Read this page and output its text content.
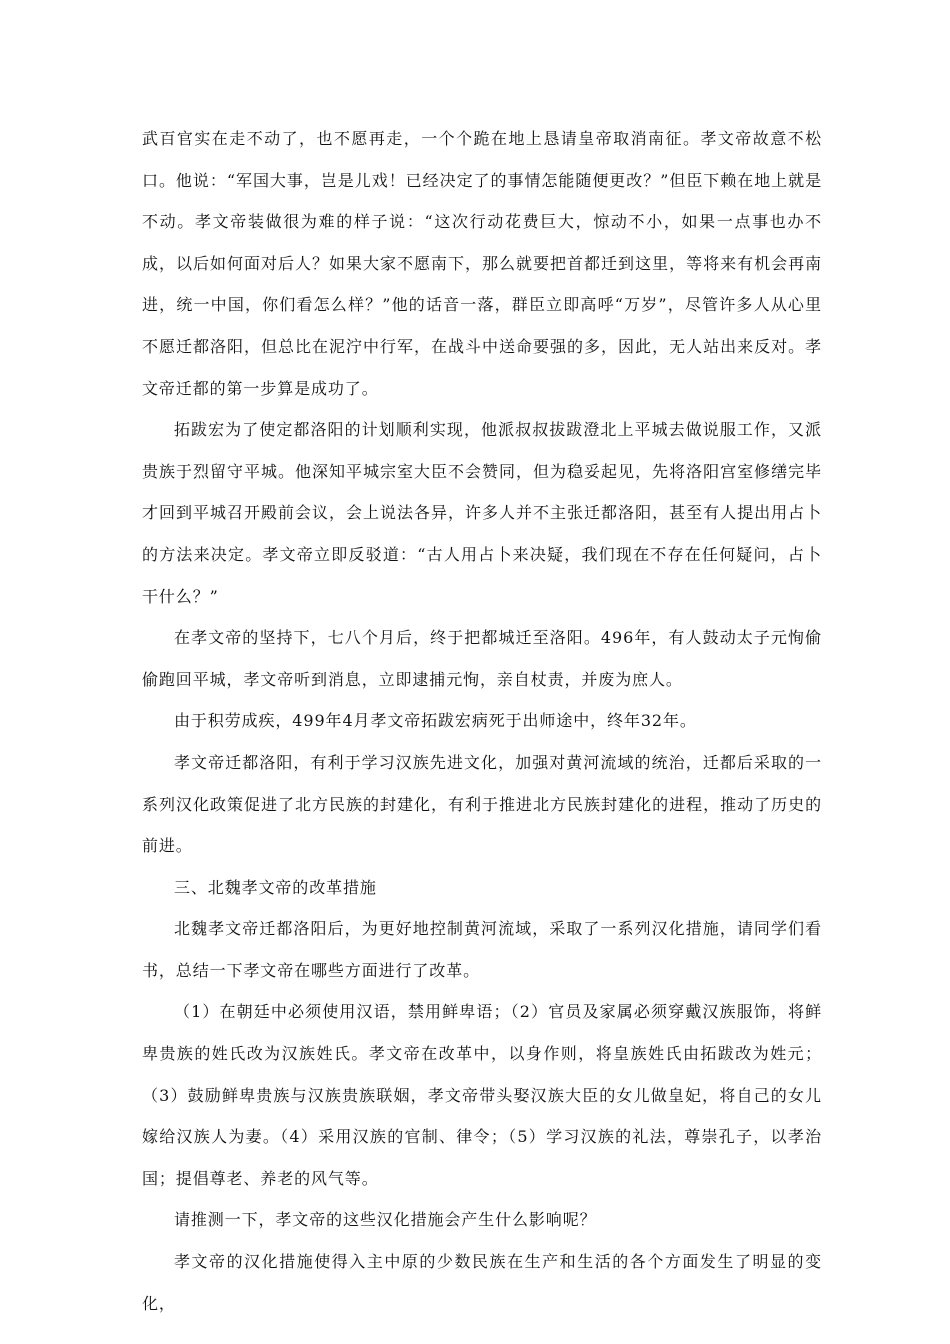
武百官实在走不动了，也不愿再走，一个个跪在地上恳请皇帝取消南征。孝文帝故意不松口。他说：“军国大事，岂是儿戏！已经决定了的事情怎能随便更改？”但臣下赖在地上就是不动。孝文帝装做很为难的样子说：“这次行动花费巨大，惊动不小，如果一点事也办不成，以后如何面对后人？如果大家不愿南下，那么就要把首都迁到这里，等将来有机会再南进，统一中国，你们看怎么样？”他的话音一落，群臣立即高呼“万岁”，尽管许多人从心里不愿迁都洛阳，但总比在泥泞中行军，在战斗中送命要强的多，因此，无人站出来反对。孝文帝迁都的第一步算是成功了。

拓跋宏为了使定都洛阳的计划顺利实现，他派叔叔拔跋澄北上平城去做说服工作，又派贵族于烈留守平城。他深知平城宗室大臣不会赞同，但为稳妥起见，先将洛阳宫室修缮完毕才回到平城召开殿前会议，会上说法各异，许多人并不主张迁都洛阳，甚至有人提出用占卜的方法来决定。孝文帝立即反驳道：“古人用占卜来决疑，我们现在不存在任何疑问，占卜干什么？”

在孝文帝的坚持下，七八个月后，终于把都城迁至洛阳。496年，有人鼓动太子元恂偷偷跑回平城，孝文帝听到消息，立即逮捕元恂，亲自杖责，并废为庶人。

由于积劳成疾，499年4月孝文帝拓跋宏病死于出师途中，终年32年。

孝文帝迁都洛阳，有利于学习汉族先进文化，加强对黄河流域的统治，迁都后采取的一系列汉化政策促进了北方民族的封建化，有利于推进北方民族封建化的进程，推动了历史的前进。

三、北魏孝文帝的改革措施

北魏孝文帝迁都洛阳后，为更好地控制黄河流域，采取了一系列汉化措施，请同学们看书，总结一下孝文帝在哪些方面进行了改革。

（1）在朝廷中必须使用汉语，禁用鲜卑语；（2）官员及家属必须穿戴汉族服饰，将鲜卑贵族的姓氏改为汉族姓氏。孝文帝在改革中，以身作则，将皇族姓氏由拓跋改为姓元；（3）鼓励鲜卑贵族与汉族贵族联姻，孝文帝带头娶汉族大臣的女儿做皇妃，将自己的女儿嫁给汉族人为妻。（4）采用汉族的官制、律令；（5）学习汉族的礼法，尊崇孔子，以孝治国；提倡尊老、养老的风气等。

请推测一下，孝文帝的这些汉化措施会产生什么影响呢？

孝文帝的汉化措施使得入主中原的少数民族在生产和生活的各个方面发生了明显的变化，
